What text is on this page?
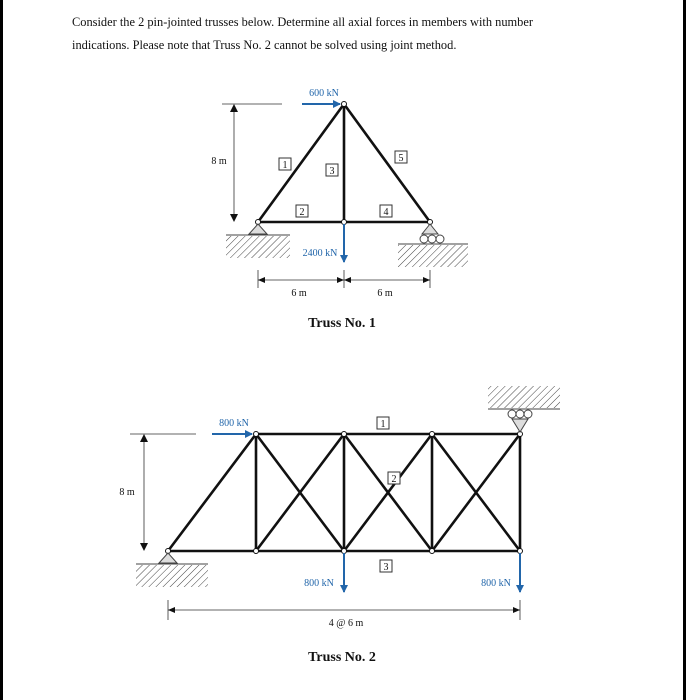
Consider the 2 pin-jointed trusses below. Determine all axial forces in members with number
indications. Please note that Truss No. 2 cannot be solved using joint method.
600 kN
2400 kN
1
2
3
4
5
8 m
6 m	6 m
Truss No. 1
800 kN
800 kN	800 kN
1
2
3
8 m
4 @ 6 m
Truss No. 2
